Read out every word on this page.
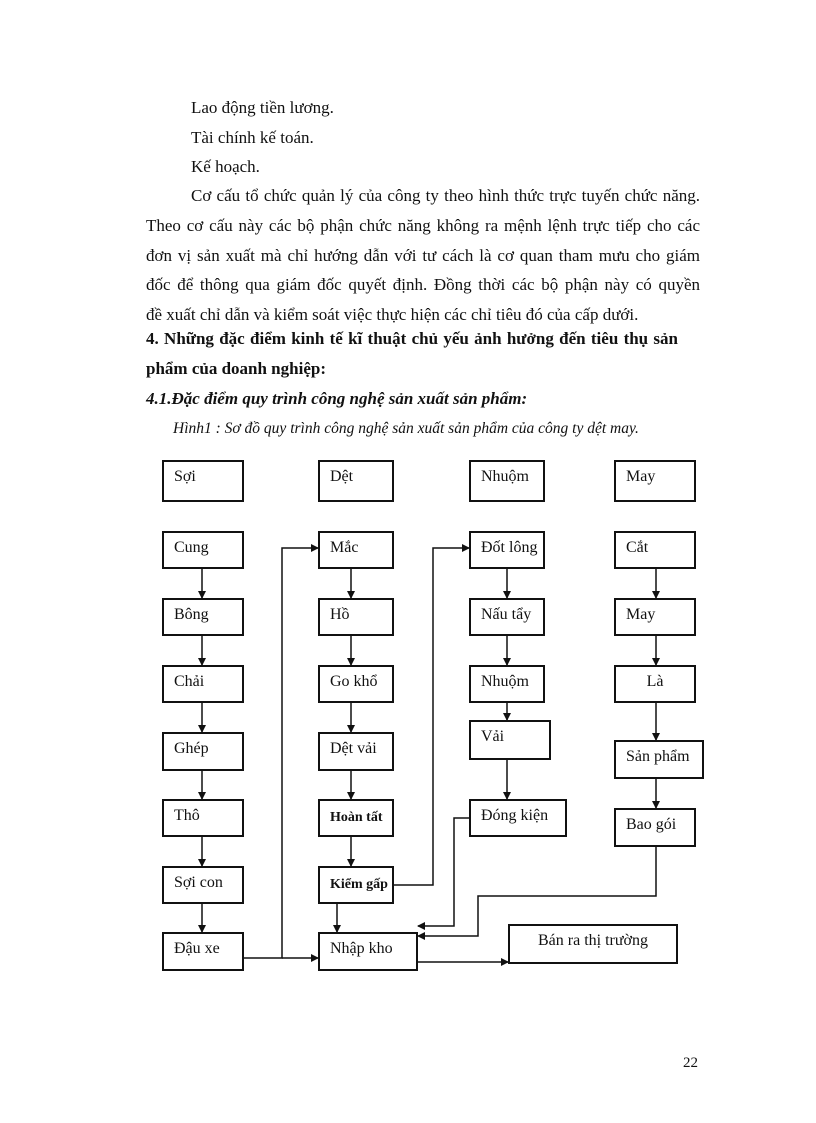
Lao động tiền lương.
Tài chính kế toán.
Kế hoạch.
Cơ cấu tổ chức quản lý của công ty theo hình thức trực tuyến chức năng.
Theo cơ cấu này các bộ phận chức năng không ra mệnh lệnh trực tiếp cho các
đơn vị sản xuất mà chỉ hướng dẫn với tư cách là cơ quan tham mưu cho giám
đốc để thông qua giám đốc quyết định. Đồng thời các bộ phận này có quyền
đề xuất chỉ dẫn và kiểm soát việc thực hiện các chỉ tiêu đó của cấp dưới.
4. Những đặc điểm kinh tế kĩ thuật chủ yếu ảnh hưởng đến tiêu thụ sản
phẩm của doanh nghiệp:
4.1.Đặc điểm quy trình công nghệ sản xuất sản phẩm:
Hình1 : Sơ đồ quy trình công nghệ sản xuất sản phẩm của công ty dệt may.
Sợi
Cung
Bông
Chải
Ghép
Thô
Sợi con
Đậu xe
Dệt
Mắc
Hồ
Go khổ
Dệt vải
Hoàn tất
Kiểm gấp
Nhập kho
Nhuộm
Đốt lông
Nấu tẩy
Nhuộm
Vải
Đóng kiện
May
Cắt
May
Là
Sản phẩm
Bao gói
Bán ra thị trường
22
